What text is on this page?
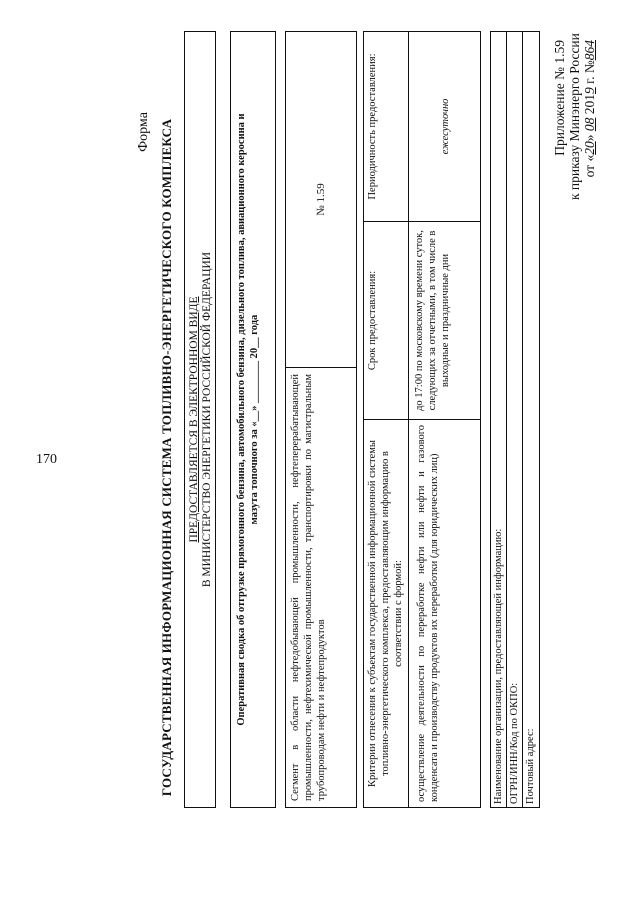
170
Приложение № 1.59 к приказу Минэнерго России от «20» 08 2019 г. №864
Форма ГОСУДАРСТВЕННАЯ ИНФОРМАЦИОННАЯ СИСТЕМА ТОПЛИВНО-ЭНЕРГЕТИЧЕСКОГО КОМПЛЕКСА ПРЕДОСТАВЛЯЕТСЯ В ЭЛЕКТРОННОМ ВИДЕ В МИНИСТЕРСТВО ЭНЕРГЕТИКИ РОССИЙСКОЙ ФЕДЕРАЦИИ Оперативная сводка об отгрузке прямогонного бензина, автомобильного бензина, дизельного топлива, авиационного керосина и мазута топочного за «__» ________ 20__ года	Сегмент в области нефтедобывающей промышленности, нефтеперерабатывающей промышленности, нефтехимической промышленности, транспортировки по магистральным трубопроводам нефти и нефтепродуктов
№ 1.59
Критерии отнесения к субъектам государственной информационной системы топливно-энергетического комплекса, предоставляющим информацию в соответствии с формой:
Срок предоставления:
Периодичность предоставления:
осуществление деятельности по переработке нефти или нефти и газового конденсата и производству продуктов их переработки (для юридических лиц)
до 17:00 по московскому времени суток, следующих за отчетными, в том числе в выходные и праздничные дни
ежесуточно
Наименование организации, предоставляющей информацию: ОГРН/ИНН/Код по ОКПО: Почтовый адрес:
